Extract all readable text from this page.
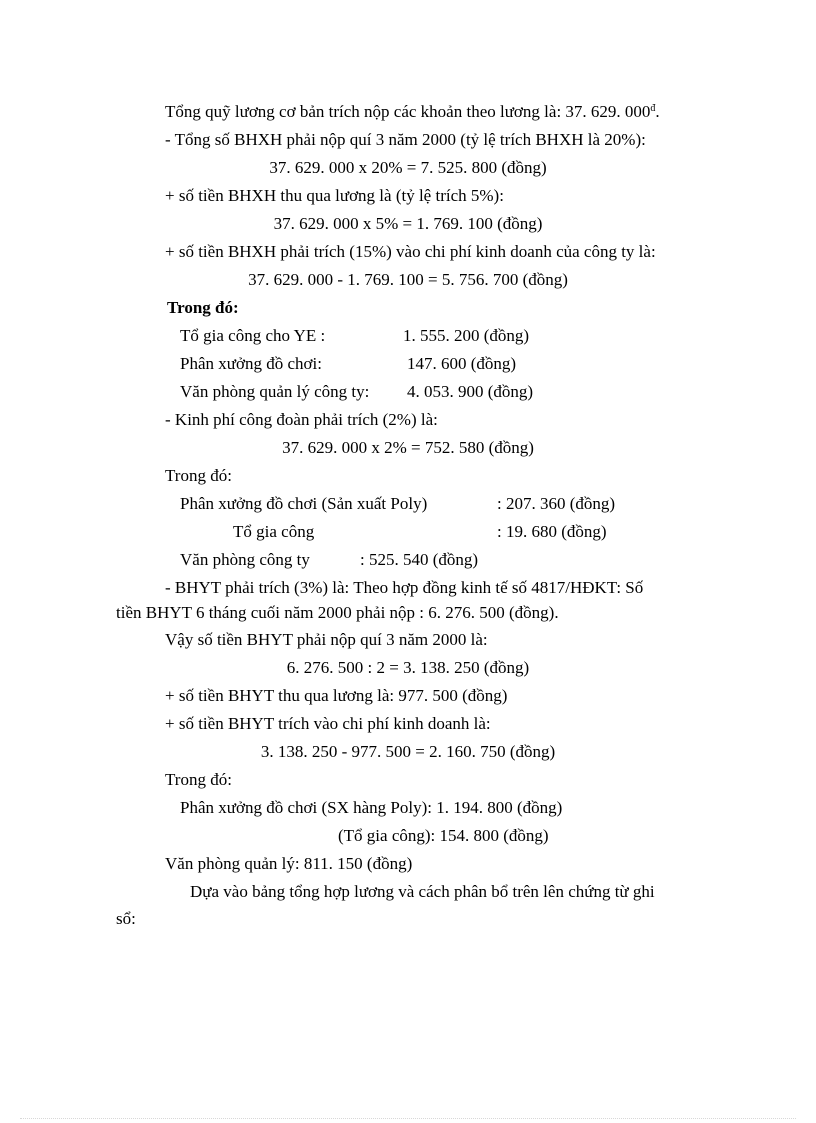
Tổng quỹ lương cơ bản trích nộp các khoản theo lương là: 37. 629. $000^đ$.
- Tổng số BHXH phải nộp quí 3 năm 2000 (tỷ lệ trích BHXH là 20%):
37. 629. 000 x 20% = 7. 525. 800 (đồng)
+ số tiền BHXH thu qua lương là (tỷ lệ trích 5%):
37. 629. 000 x 5% = 1. 769. 100 (đồng)
+ số tiền BHXH phải trích (15%) vào chi phí kinh doanh của công ty là:
37. 629. 000 - 1. 769. 100 = 5. 756. 700 (đồng)
Trong đó:
Tổ gia công cho YE :	1. 555. 200 (đồng)
Phân xưởng đồ chơi:	147. 600 (đồng)
Văn phòng quản lý công ty: 4. 053. 900 (đồng)
- Kinh phí công đoàn phải trích (2%) là:
37. 629. 000 x 2% = 752. 580 (đồng)
Trong đó:
Phân xưởng đồ chơi (Sản xuất Poly)	: 207. 360 (đồng)
Tổ gia công	: 19. 680 (đồng)
Văn phòng công ty	: 525. 540 (đồng)
- BHYT phải trích (3%) là: Theo hợp đồng kinh tế số 4817/HĐKT: Số
tiền BHYT 6 tháng cuối năm 2000 phải nộp : 6. 276. 500 (đồng).
Vậy số tiền BHYT phải nộp quí 3 năm 2000 là:
6. 276. 500 : 2 = 3. 138. 250 (đồng)
+ số tiền BHYT thu qua lương là: 977. 500 (đồng)
+ số tiền BHYT trích vào chi phí kinh doanh là:
3. 138. 250 - 977. 500 = 2. 160. 750 (đồng)
Trong đó:
Phân xưởng đồ chơi (SX hàng Poly): 1. 194. 800 (đồng)
(Tổ gia công): 154. 800 (đồng)
Văn phòng quản lý: 811. 150 (đồng)
Dựa vào bảng tổng hợp lương và cách phân bổ trên lên chứng từ ghi
sổ:
